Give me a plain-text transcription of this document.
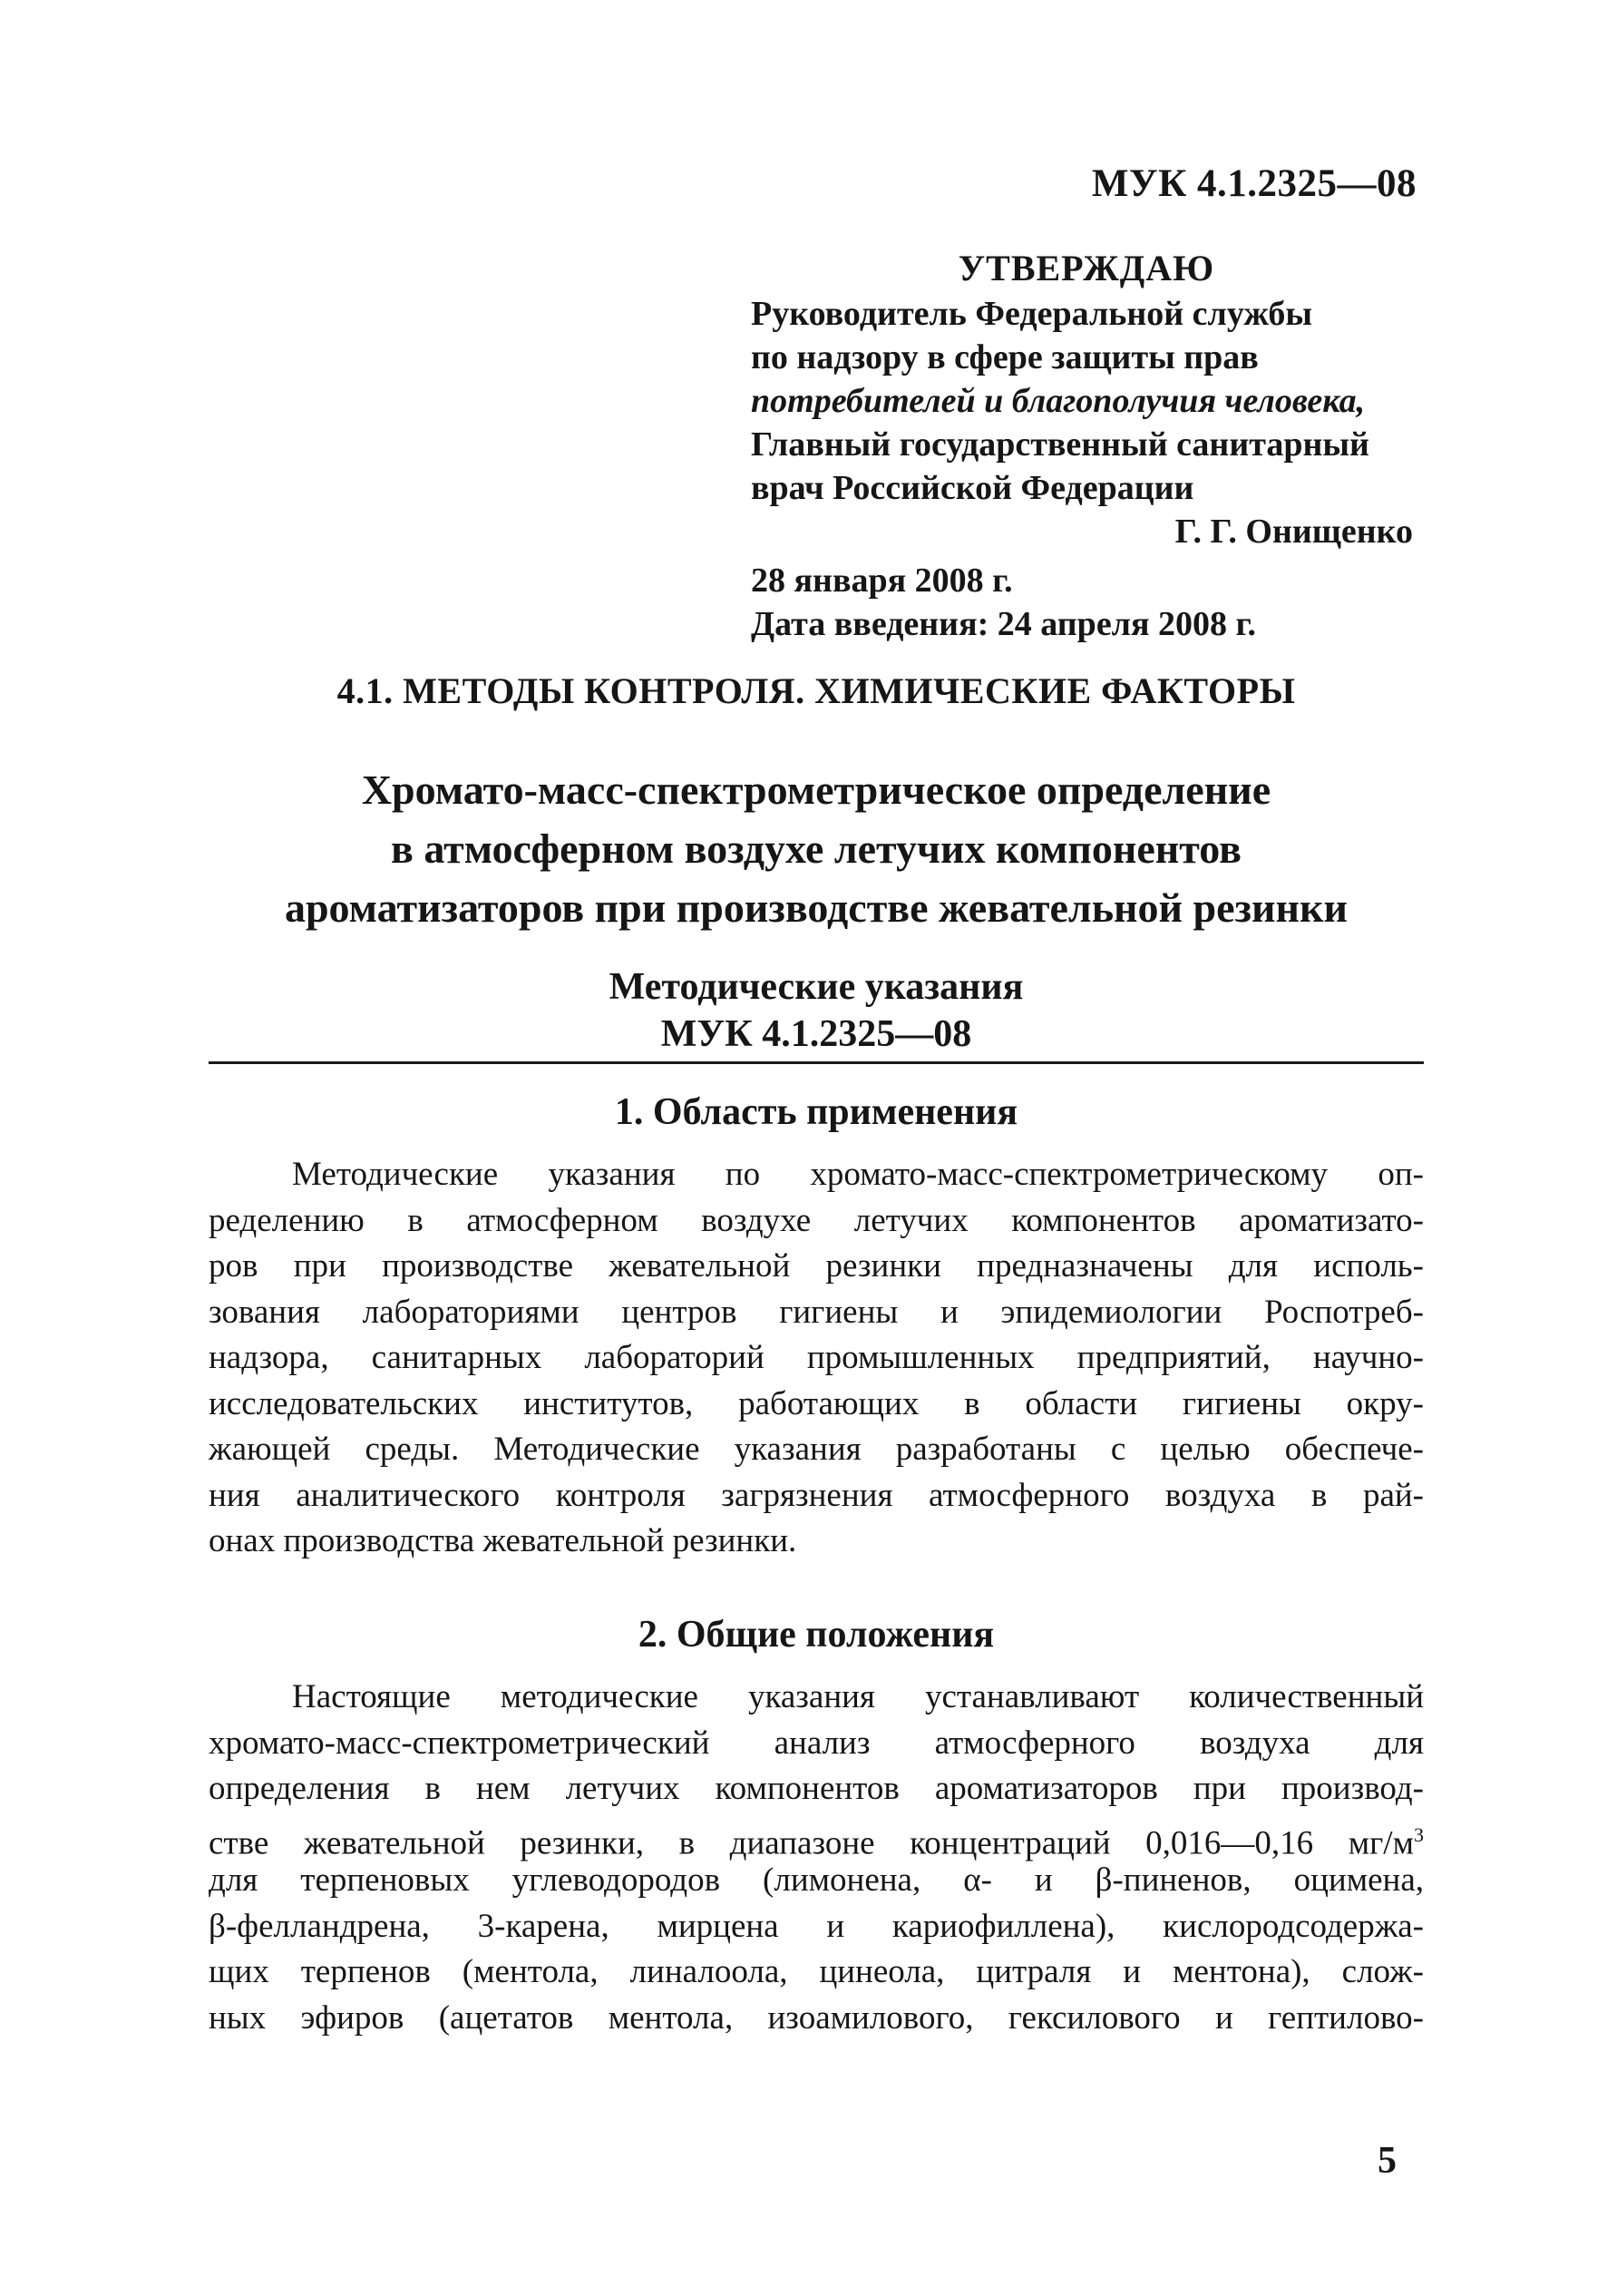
МУК 4.1.2325—08
УТВЕРЖДАЮ
Руководитель Федеральной службы
по надзору в сфере защиты прав
потребителей и благополучия человека,
Главный государственный санитарный
врач Российской Федерации
Г. Г. Онищенко
28 января 2008 г.
Дата введения: 24 апреля 2008 г.
4.1. МЕТОДЫ КОНТРОЛЯ. ХИМИЧЕСКИЕ ФАКТОРЫ
Хромато-масс-спектрометрическое определение
в атмосферном воздухе летучих компонентов
ароматизаторов при производстве жевательной резинки
Методические указания
МУК 4.1.2325—08
1. Область применения
Методические указания по хромато-масс-спектрометрическому оп-
ределению в атмосферном воздухе летучих компонентов ароматизато-
ров при производстве жевательной резинки предназначены для исполь-
зования лабораториями центров гигиены и эпидемиологии Роспотреб-
надзора, санитарных лабораторий промышленных предприятий, научно-
исследовательских институтов, работающих в области гигиены окру-
жающей среды. Методические указания разработаны с целью обеспече-
ния аналитического контроля загрязнения атмосферного воздуха в рай-
онах производства жевательной резинки.
2. Общие положения
Настоящие методические указания устанавливают количественный
хромато-масс-спектрометрический анализ атмосферного воздуха для
определения в нем летучих компонентов ароматизаторов при производ-
стве жевательной резинки, в диапазоне концентраций 0,016—0,16 $мг/м^3$
для терпеновых углеводородов (лимонена, α- и β-пиненов, оцимена,
β-фелландрена, 3-карена, мирцена и кариофиллена), кислородсодержа-
щих терпенов (ментола, линалоола, цинеола, цитраля и ментона), слож-
ных эфиров (ацетатов ментола, изоамилового, гексилового и гептилово-
5
